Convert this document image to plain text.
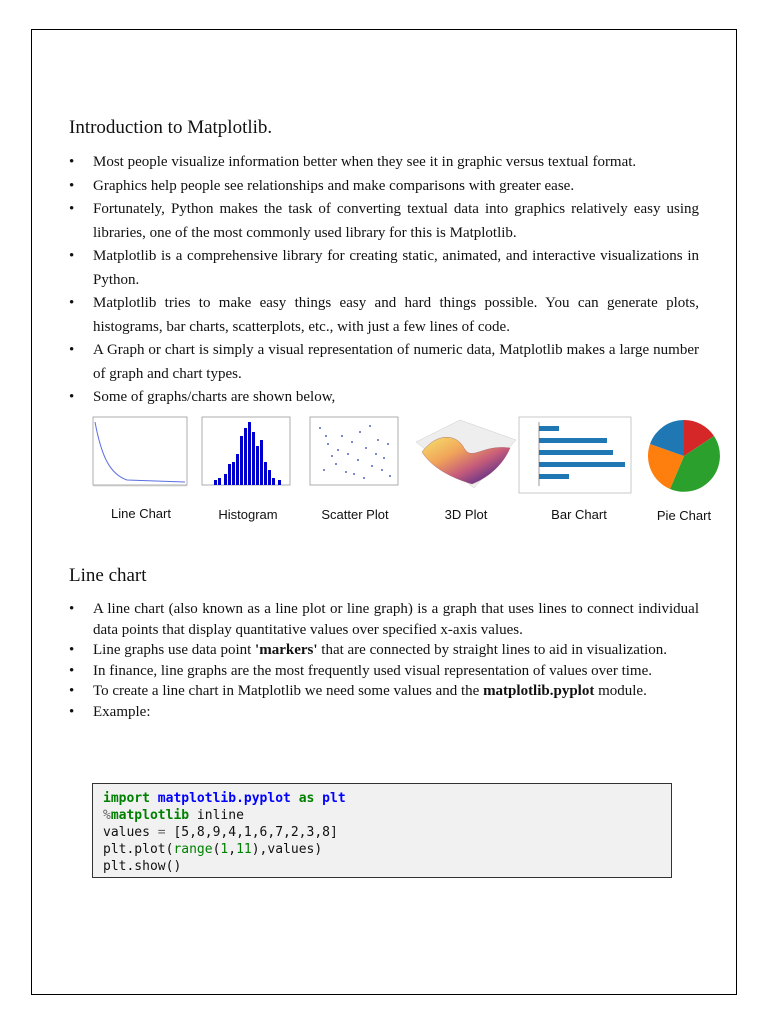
Introduction to Matplotlib.
• Most people visualize information better when they see it in graphic versus textual format.
• Graphics help people see relationships and make comparisons with greater ease.
• Fortunately, Python makes the task of converting textual data into graphics relatively easy using libraries, one of the most commonly used library for this is Matplotlib.
• Matplotlib is a comprehensive library for creating static, animated, and interactive visualizations in Python.
• Matplotlib tries to make easy things easy and hard things possible. You can generate plots, histograms, bar charts, scatterplots, etc., with just a few lines of code.
• A Graph or chart is simply a visual representation of numeric data, Matplotlib makes a large number of graph and chart types.
• Some of graphs/charts are shown below,
Line Chart	Histogram	Scatter Plot	3D Plot	Bar Chart	Pie Chart
Line chart
• A line chart (also known as a line plot or line graph) is a graph that uses lines to connect individual data points that display quantitative values over specified x-axis values.
• Line graphs use data point 'markers' that are connected by straight lines to aid in visualization.
• In finance, line graphs are the most frequently used visual representation of values over time.
• To create a line chart in Matplotlib we need some values and the matplotlib.pyplot module.
• Example:
import matplotlib.pyplot as plt
%matplotlib inline
values = [5,8,9,4,1,6,7,2,3,8]
plt.plot(range(1,11),values)
plt.show()
